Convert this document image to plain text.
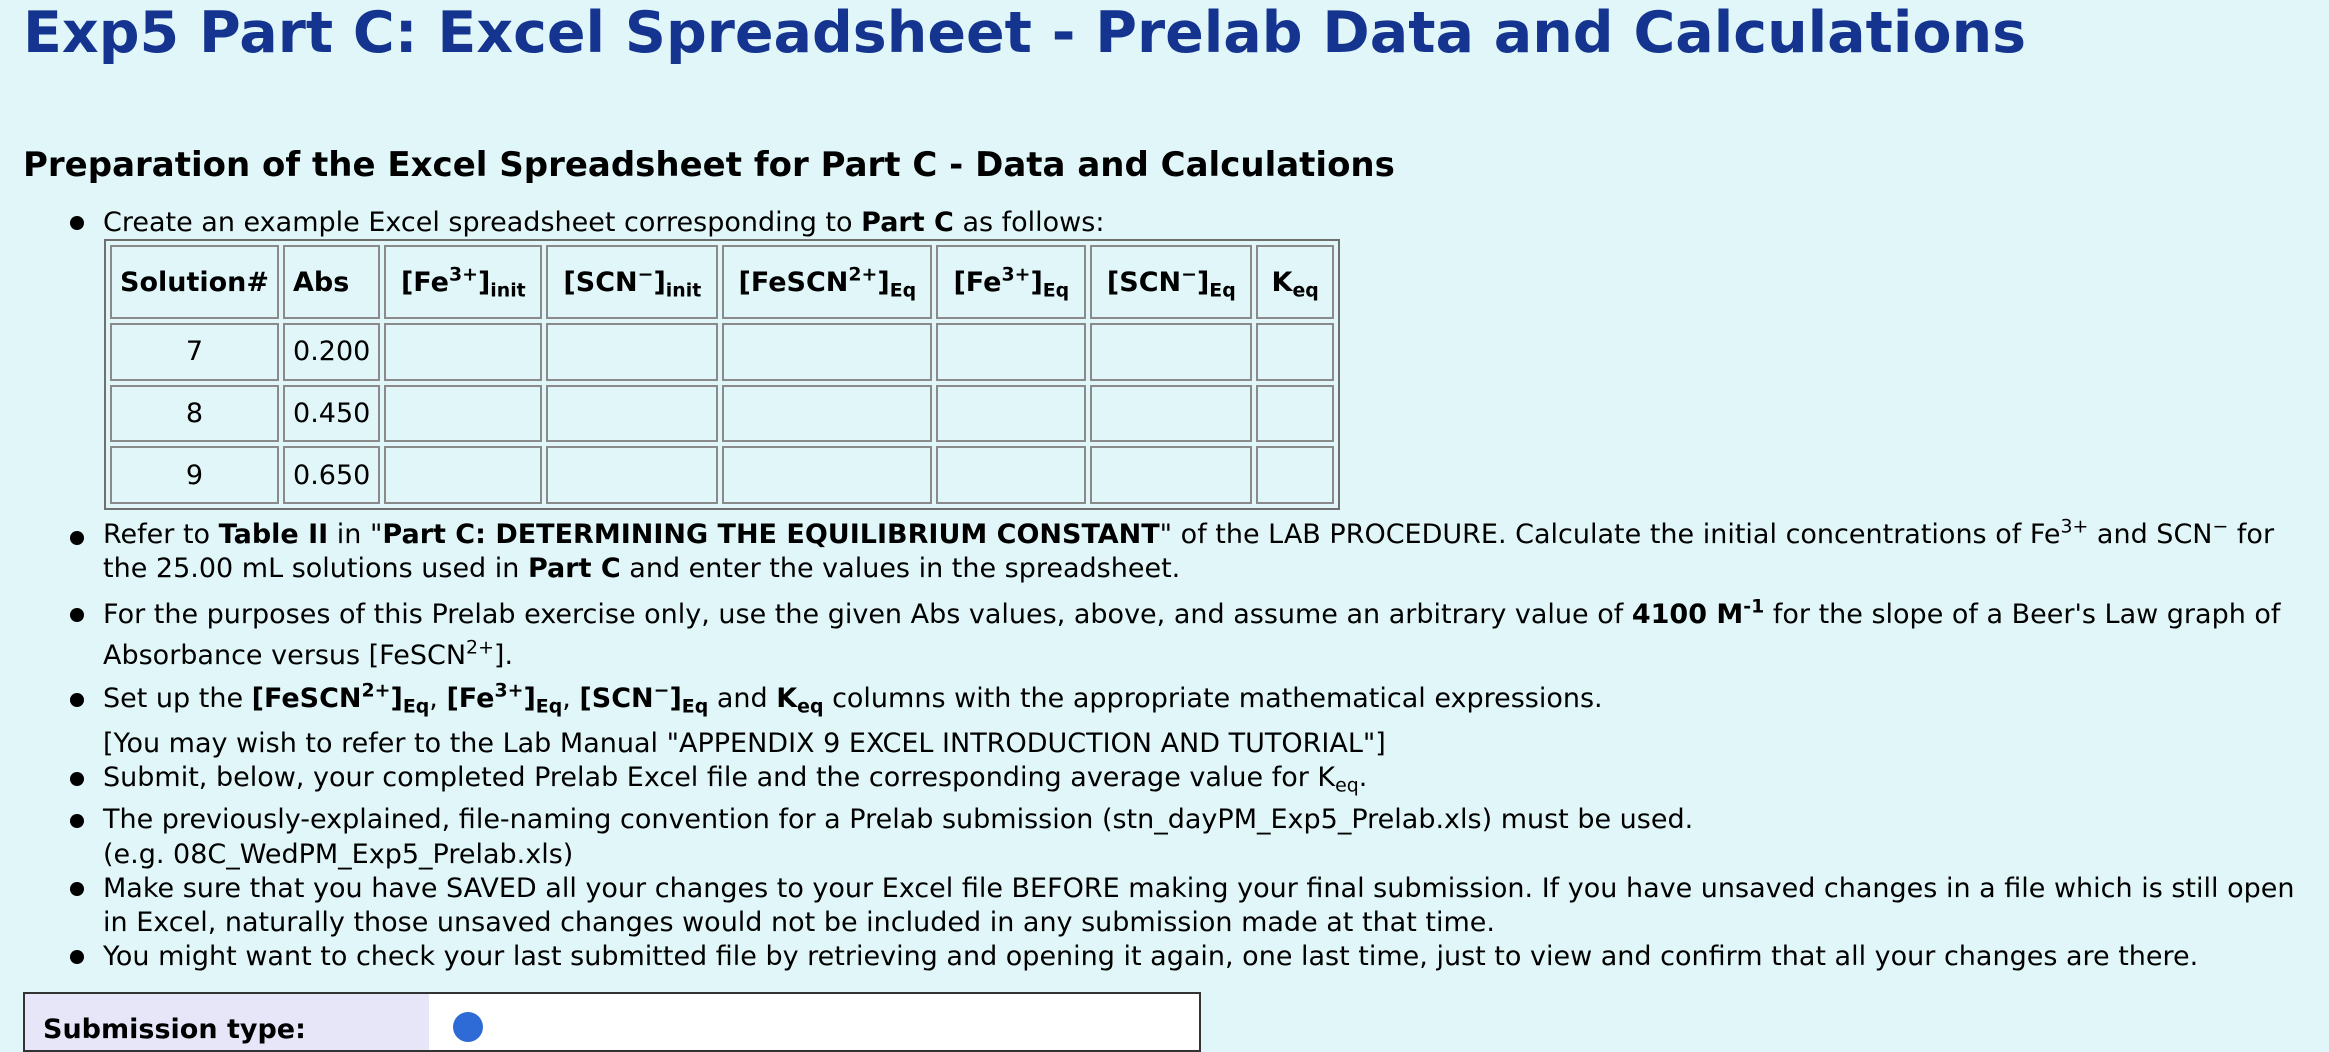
Exp5 Part C: Excel Spreadsheet - Prelab Data and Calculations
Preparation of the Excel Spreadsheet for Part C - Data and Calculations
Create an example Excel spreadsheet corresponding to Part C as follows:
Solution#	Abs	$[Fe^{3+}]_{init}$	$[SCN^-]_{init}$	$[FeSCN^{2+}]_{Eq}$	$[Fe^{3+}]_{Eq}$	$[SCN^-]_{Eq}$	$K_{eq}$
7	0.200						
8	0.450						
9	0.650						
Refer to Table II in "Part C: DETERMINING THE EQUILIBRIUM CONSTANT" of the LAB PROCEDURE. Calculate the initial concentrations of $Fe^{3+}$ and SCN− for the 25.00 mL solutions used in Part C and enter the values in the spreadsheet.
For the purposes of this Prelab exercise only, use the given Abs values, above, and assume an arbitrary value of 4100 $M^{-1}$ for the slope of a Beer's Law graph of Absorbance versus [FeSCN$^{2+}$].
Set up the $[FeSCN^{2+}]_{Eq}$, $[Fe^{3+}]_{Eq}$, $[SCN^-]_{Eq}$ and $K_{eq}$ columns with the appropriate mathematical expressions.
[You may wish to refer to the Lab Manual "APPENDIX 9 EXCEL INTRODUCTION AND TUTORIAL"]
Submit, below, your completed Prelab Excel file and the corresponding average value for $K_{eq}$.
The previously-explained, file-naming convention for a Prelab submission (stn_dayPM_Exp5_Prelab.xls) must be used.
(e.g. 08C_WedPM_Exp5_Prelab.xls)
Make sure that you have SAVED all your changes to your Excel file BEFORE making your final submission. If you have unsaved changes in a file which is still open in Excel, naturally those unsaved changes would not be included in any submission made at that time.
You might want to check your last submitted file by retrieving and opening it again, one last time, just to view and confirm that all your changes are there.
Submission type:
